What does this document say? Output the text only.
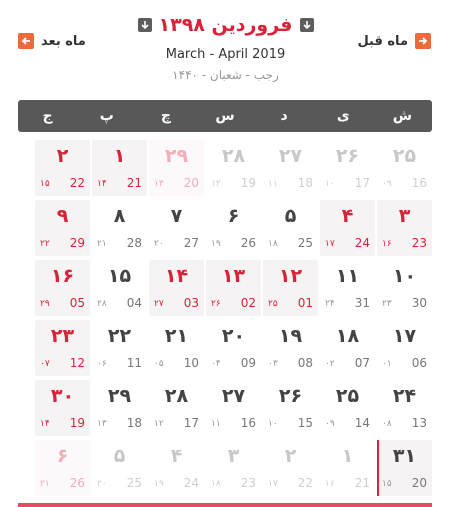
ماه قبل
فروردین ۱۳۹۸
ماه بعد
March - April 2019
رجب - شعبان - ۱۴۴۰
ش
ی
د
س
چ
پ
ج
۲۵
16
۰۹
۲۶
17
۱۰
۲۷
18
۱۱
۲۸
19
۱۲
۲۹
20
۱۳
۱
21
۱۴
۲
22
۱۵
۳
23
۱۶
۴
24
۱۷
۵
25
۱۸
۶
26
۱۹
۷
27
۲۰
۸
28
۲۱
۹
29
۲۲
۱۰
30
۲۳
۱۱
31
۲۴
۱۲
01
۲۵
۱۳
02
۲۶
۱۴
03
۲۷
۱۵
04
۲۸
۱۶
05
۲۹
۱۷
06
۰۱
۱۸
07
۰۲
۱۹
08
۰۳
۲۰
09
۰۴
۲۱
10
۰۵
۲۲
11
۰۶
۲۳
12
۰۷
۲۴
13
۰۸
۲۵
14
۰۹
۲۶
15
۱۰
۲۷
16
۱۱
۲۸
17
۱۲
۲۹
18
۱۳
۳۰
19
۱۴
۳۱
20
۱۵
۱
21
۱۶
۲
22
۱۷
۳
23
۱۸
۴
24
۱۹
۵
25
۲۰
۶
26
۲۱
